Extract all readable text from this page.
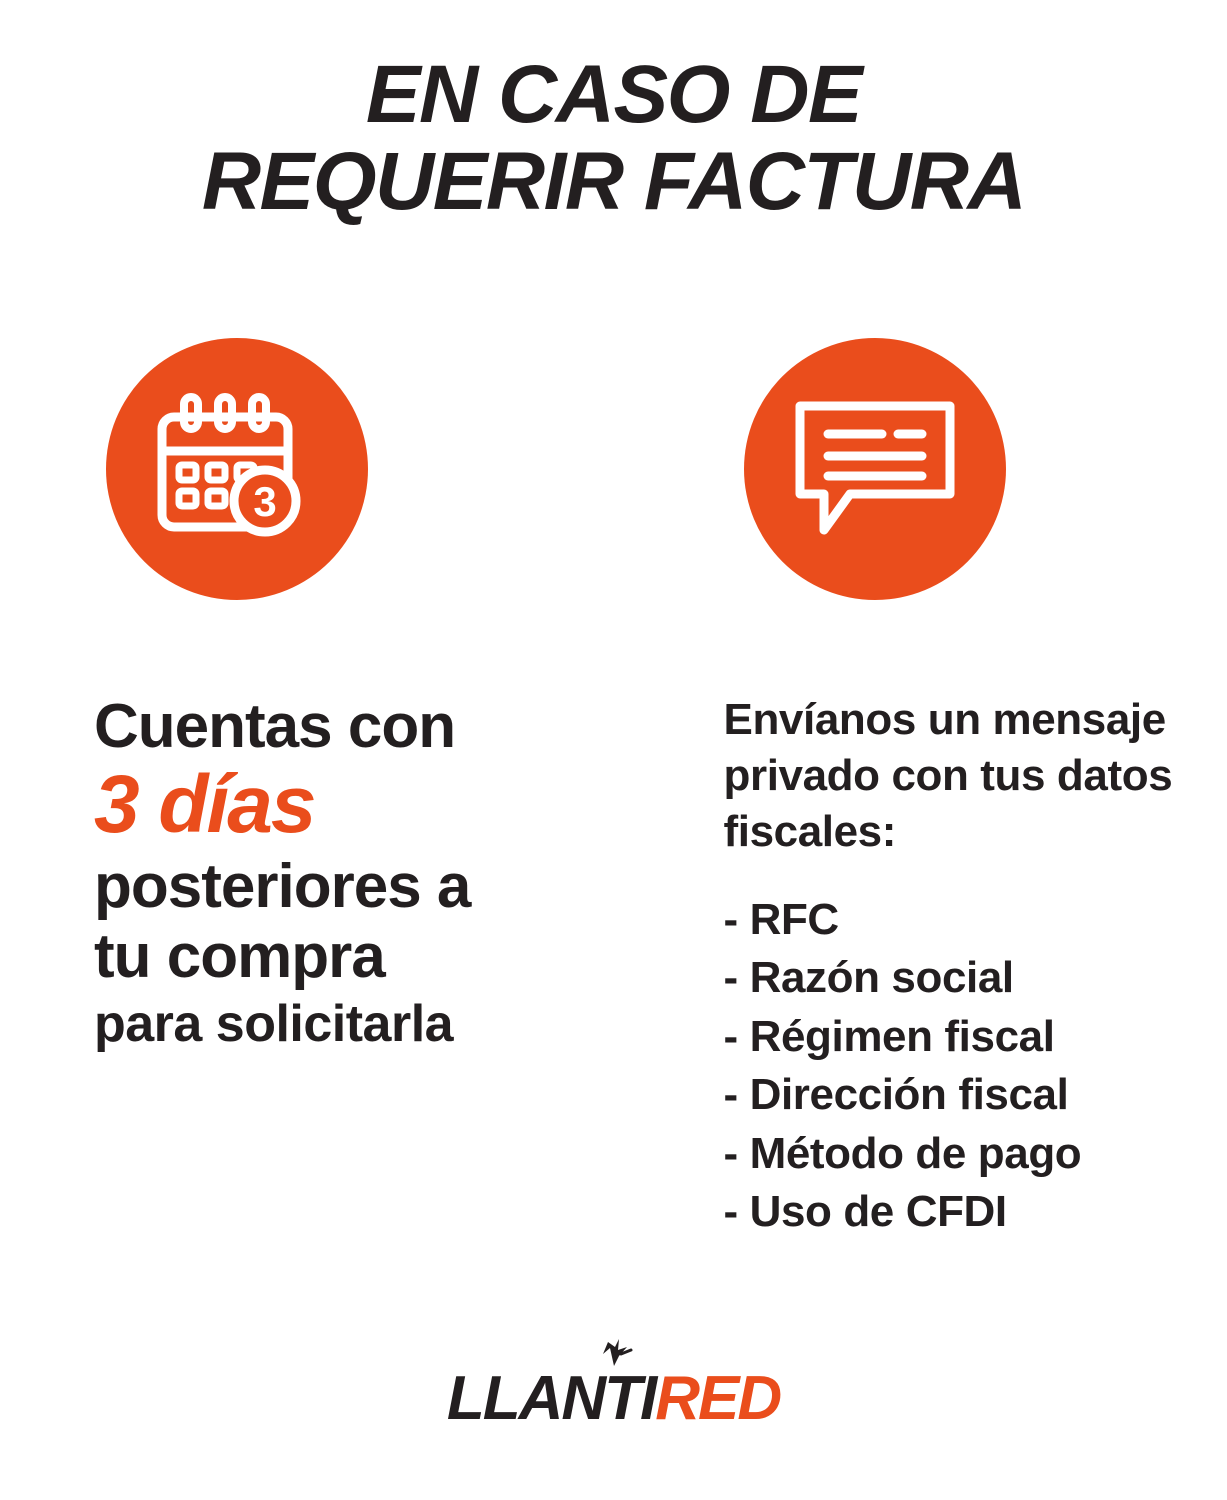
EN CASO DE
REQUERIR FACTURA
3
Cuentas con
3 días
posteriores a
tu compra
para solicitarla
Envíanos un mensaje privado con tus datos fiscales:
- RFC
- Razón social
- Régimen fiscal
- Dirección fiscal
- Método de pago
- Uso de CFDI
LLANTIRED
